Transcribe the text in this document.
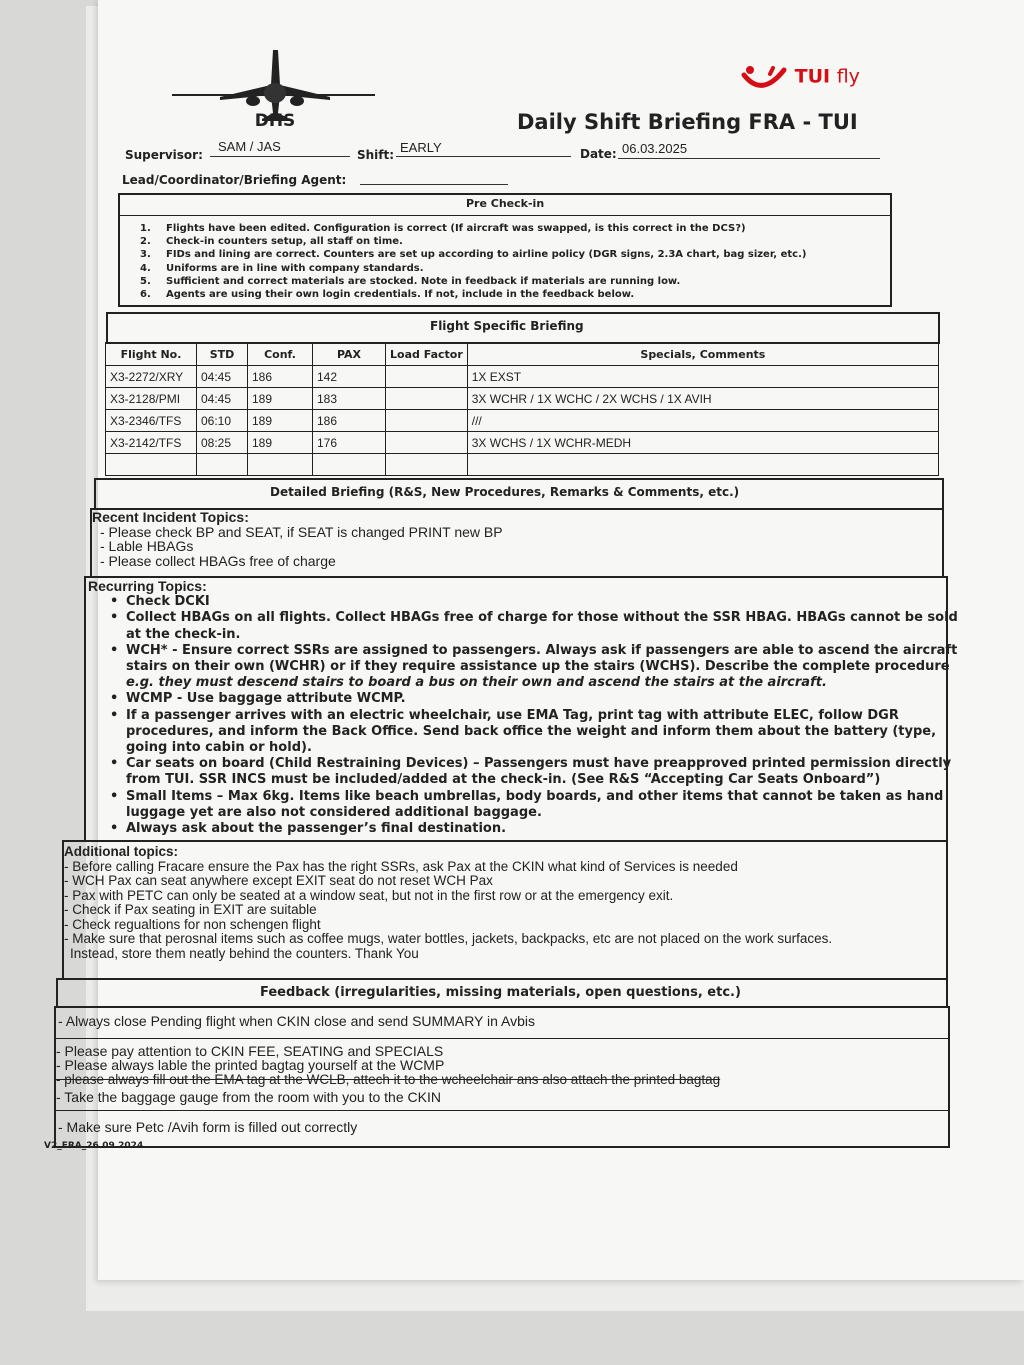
DHS
TUI fly
Daily Shift Briefing FRA - TUI
Supervisor:
SAM / JAS
Shift: EARLY	Date: 06.03.2025
Lead/Coordinator/Briefing Agent:
Pre Check-in
1. Flights have been edited. Configuration is correct (If aircraft was swapped, is this correct in the DCS?)
2. Check-in counters setup, all staff on time.
3. FIDs and lining are correct. Counters are set up according to airline policy (DGR signs, 2.3A chart, bag sizer, etc.)
4. Uniforms are in line with company standards.
5. Sufficient and correct materials are stocked. Note in feedback if materials are running low.
6. Agents are using their own login credentials. If not, include in the feedback below.
Flight Specific Briefing
Flight No.	STD	Conf.	PAX	Load Factor	Specials, Comments
X3-2272/XRY	04:45	186	142		1X EXST
X3-2128/PMI	04:45	189	183		3X WCHR / 1X WCHC / 2X WCHS / 1X AVIH
X3-2346/TFS	06:10	189	186		///
X3-2142/TFS	08:25	189	176		3X WCHS / 1X WCHR-MEDH

Detailed Briefing (R&S, New Procedures, Remarks & Comments, etc.)
Recent Incident Topics:
- Please check BP and SEAT, if SEAT is changed PRINT new BP
- Lable HBAGs
- Please collect HBAGs free of charge
Recurring Topics:
• Check DCKI
• Collect HBAGs on all flights. Collect HBAGs free of charge for those without the SSR HBAG. HBAGs cannot be sold
at the check-in.
• WCH* - Ensure correct SSRs are assigned to passengers. Always ask if passengers are able to ascend the aircraft
stairs on their own (WCHR) or if they require assistance up the stairs (WCHS). Describe the complete procedure
e.g. they must descend stairs to board a bus on their own and ascend the stairs at the aircraft.
• WCMP - Use baggage attribute WCMP.
• If a passenger arrives with an electric wheelchair, use EMA Tag, print tag with attribute ELEC, follow DGR
procedures, and inform the Back Office. Send back office the weight and inform them about the battery (type,
going into cabin or hold).
• Car seats on board (Child Restraining Devices) – Passengers must have preapproved printed permission directly
from TUI. SSR INCS must be included/added at the check-in. (See R&S “Accepting Car Seats Onboard”)
• Small Items – Max 6kg. Items like beach umbrellas, body boards, and other items that cannot be taken as hand
luggage yet are also not considered additional baggage.
• Always ask about the passenger’s final destination.
Additional topics:
- Before calling Fracare ensure the Pax has the right SSRs, ask Pax at the CKIN what kind of Services is needed
- WCH Pax can seat anywhere except EXIT seat do not reset WCH Pax
- Pax with PETC can only be seated at a window seat, but not in the first row or at the emergency exit.
- Check if Pax seating in EXIT are suitable
- Check regualtions for non schengen flight
- Make sure that perosnal items such as coffee mugs, water bottles, jackets, backpacks, etc are not placed on the work surfaces.
Instead, store them neatly behind the counters. Thank You
Feedback (irregularities, missing materials, open questions, etc.)
- Always close Pending flight when CKIN close and send SUMMARY in Avbis
- Please pay attention to CKIN FEE, SEATING and SPECIALS
- Please always lable the printed bagtag yourself at the WCMP
- please always fill out the EMA tag at the WCLB, attech it to the wcheelchair ans also attach the printed bagtag
- Take the baggage gauge from the room with you to the CKIN
- Make sure Petc /Avih form is filled out correctly
V2_FRA_26.09.2024
